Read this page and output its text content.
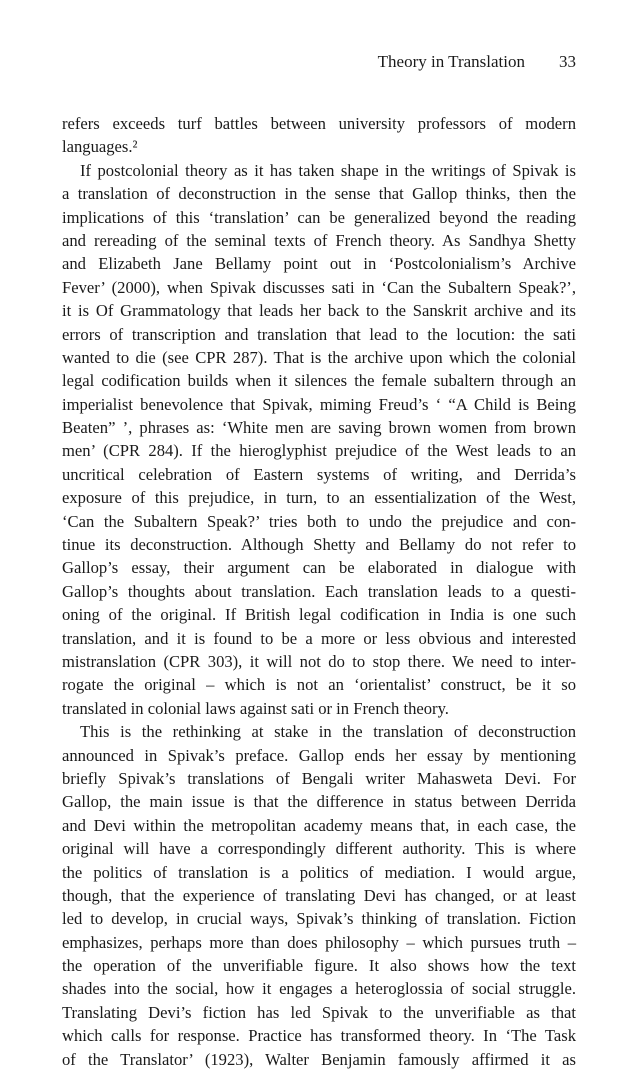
Theory in Translation 33
refers exceeds turf battles between university professors of modern
languages.²
If postcolonial theory as it has taken shape in the writings of Spivak is
a translation of deconstruction in the sense that Gallop thinks, then the
implications of this ‘translation’ can be generalized beyond the reading
and rereading of the seminal texts of French theory. As Sandhya Shetty
and Elizabeth Jane Bellamy point out in ‘Postcolonialism’s Archive
Fever’ (2000), when Spivak discusses sati in ‘Can the Subaltern Speak?’,
it is Of Grammatology that leads her back to the Sanskrit archive and its
errors of transcription and translation that lead to the locution: the sati
wanted to die (see CPR 287). That is the archive upon which the colonial
legal codification builds when it silences the female subaltern through an
imperialist benevolence that Spivak, miming Freud’s ‘ “A Child is Being
Beaten” ’, phrases as: ‘White men are saving brown women from brown
men’ (CPR 284). If the hieroglyphist prejudice of the West leads to an
uncritical celebration of Eastern systems of writing, and Derrida’s
exposure of this prejudice, in turn, to an essentialization of the West,
‘Can the Subaltern Speak?’ tries both to undo the prejudice and con-
tinue its deconstruction. Although Shetty and Bellamy do not refer to
Gallop’s essay, their argument can be elaborated in dialogue with
Gallop’s thoughts about translation. Each translation leads to a questi-
oning of the original. If British legal codification in India is one such
translation, and it is found to be a more or less obvious and interested
mistranslation (CPR 303), it will not do to stop there. We need to inter-
rogate the original – which is not an ‘orientalist’ construct, be it so
translated in colonial laws against sati or in French theory.
This is the rethinking at stake in the translation of deconstruction
announced in Spivak’s preface. Gallop ends her essay by mentioning
briefly Spivak’s translations of Bengali writer Mahasweta Devi. For
Gallop, the main issue is that the difference in status between Derrida
and Devi within the metropolitan academy means that, in each case, the
original will have a correspondingly different authority. This is where
the politics of translation is a politics of mediation. I would argue,
though, that the experience of translating Devi has changed, or at least
led to develop, in crucial ways, Spivak’s thinking of translation. Fiction
emphasizes, perhaps more than does philosophy – which pursues truth –
the operation of the unverifiable figure. It also shows how the text
shades into the social, how it engages a heteroglossia of social struggle.
Translating Devi’s fiction has led Spivak to the unverifiable as that
which calls for response. Practice has transformed theory. In ‘The Task
of the Translator’ (1923), Walter Benjamin famously affirmed it as
